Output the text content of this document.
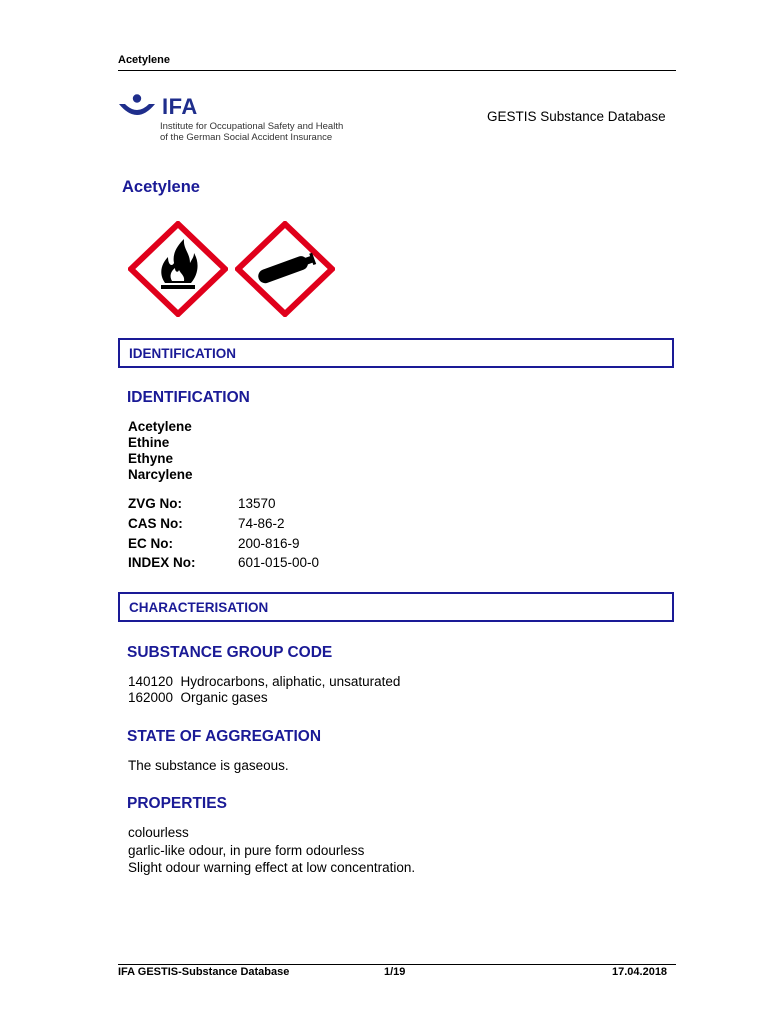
Acetylene
IFA
Institute for Occupational Safety and Health
of the German Social Accident Insurance
GESTIS Substance Database
Acetylene
IDENTIFICATION
IDENTIFICATION
Acetylene
Ethine
Ethyne
Narcylene
ZVG No:	13570
CAS No:	74-86-2
EC No:	200-816-9
INDEX No:	601-015-00-0
CHARACTERISATION
SUBSTANCE GROUP CODE
140120  Hydrocarbons, aliphatic, unsaturated
162000  Organic gases
STATE OF AGGREGATION
The substance is gaseous.
PROPERTIES
colourless
garlic-like odour, in pure form odourless
Slight odour warning effect at low concentration.
IFA GESTIS-Substance Database	1/19	17.04.2018
